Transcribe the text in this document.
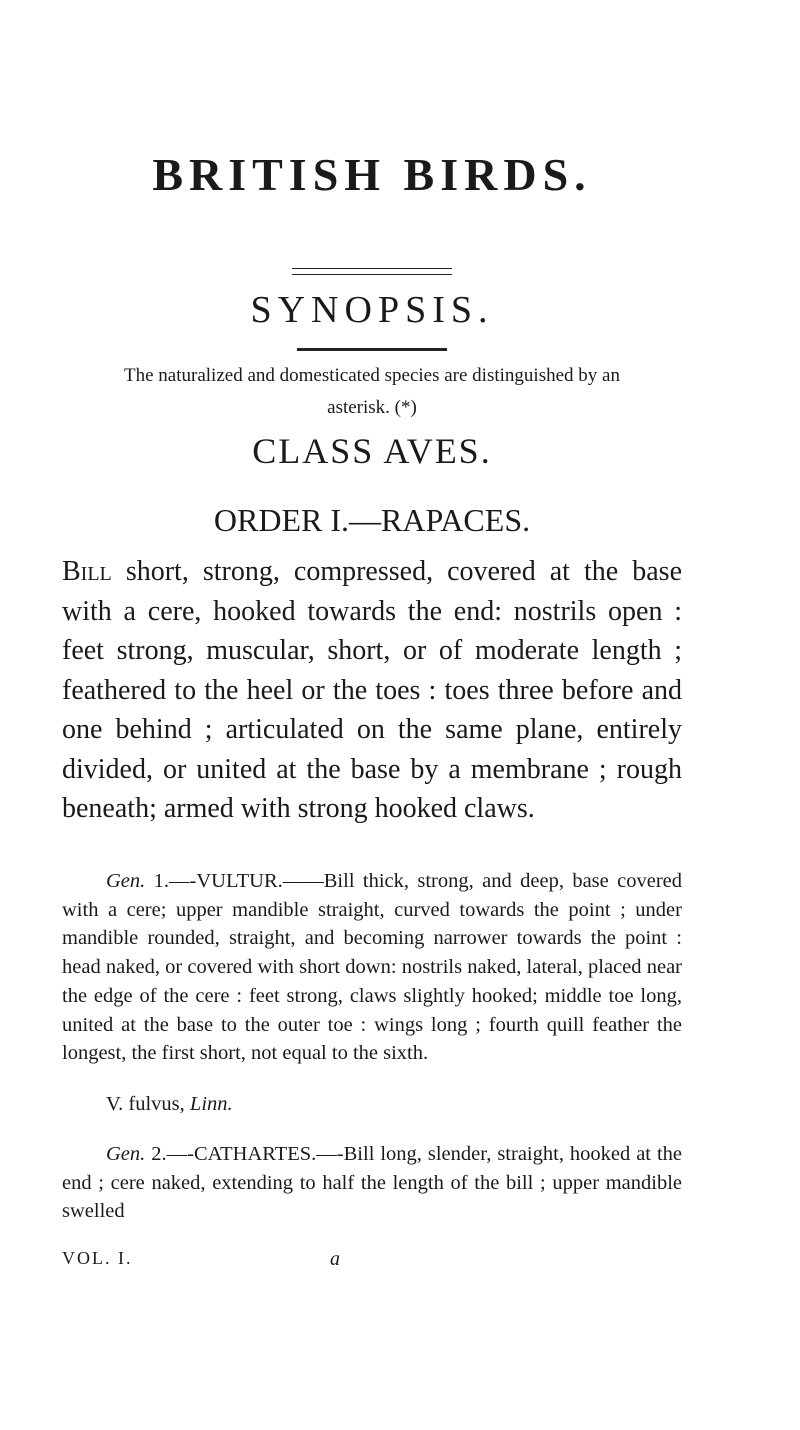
BRITISH BIRDS.
SYNOPSIS.
The naturalized and domesticated species are distinguished by an asterisk. (*)
CLASS AVES.
ORDER I.—RAPACES.
Bill short, strong, compressed, covered at the base with a cere, hooked towards the end: nostrils open : feet strong, muscular, short, or of moderate length ; feathered to the heel or the toes : toes three before and one behind ; articulated on the same plane, entirely divided, or united at the base by a membrane ; rough beneath; armed with strong hooked claws.
Gen. 1.—-VULTUR.——Bill thick, strong, and deep, base covered with a cere; upper mandible straight, curved towards the point ; under mandible rounded, straight, and becoming narrower towards the point : head naked, or covered with short down: nostrils naked, lateral, placed near the edge of the cere : feet strong, claws slightly hooked; middle toe long, united at the base to the outer toe : wings long ; fourth quill feather the longest, the first short, not equal to the sixth.
V. fulvus, Linn.
Gen. 2.—-CATHARTES.—-Bill long, slender, straight, hooked at the end ; cere naked, extending to half the length of the bill ; upper mandible swelled
VOL. I.	a
